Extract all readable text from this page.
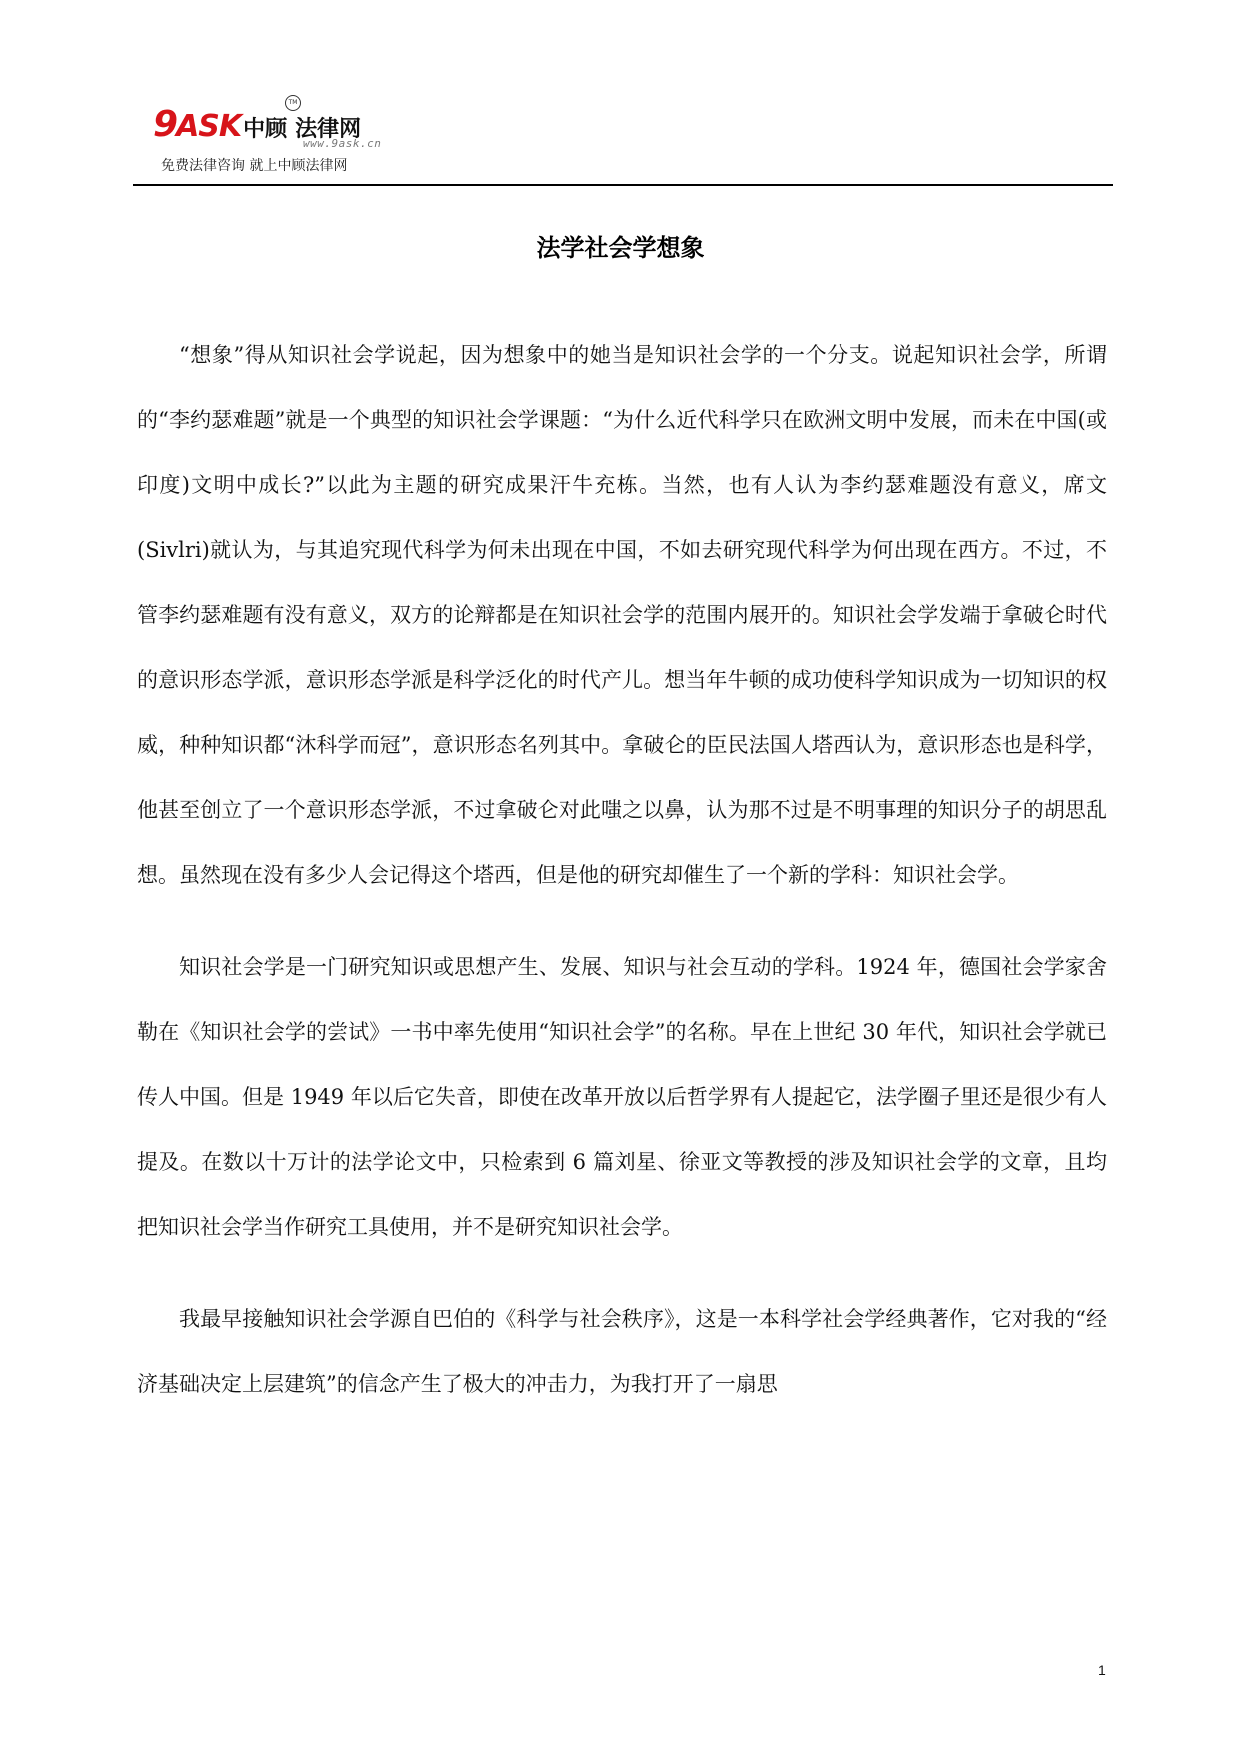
9ASK中顾 法律网
TM
www.9ask.cn
免费法律咨询 就上中顾法律网
法学社会学想象

“想象”得从知识社会学说起，因为想象中的她当是知识社会学的一个分支。说起知识社会学，所谓的“李约瑟难题”就是一个典型的知识社会学课题：“为什么近代科学只在欧洲文明中发展，而未在中国(或印度)文明中成长?”以此为主题的研究成果汗牛充栋。当然，也有人认为李约瑟难题没有意义，席文(Sivlri)就认为，与其追究现代科学为何未出现在中国，不如去研究现代科学为何出现在西方。不过，不管李约瑟难题有没有意义，双方的论辩都是在知识社会学的范围内展开的。知识社会学发端于拿破仑时代的意识形态学派，意识形态学派是科学泛化的时代产儿。想当年牛顿的成功使科学知识成为一切知识的权威，种种知识都“沐科学而冠”，意识形态名列其中。拿破仑的臣民法国人塔西认为，意识形态也是科学，他甚至创立了一个意识形态学派，不过拿破仑对此嗤之以鼻，认为那不过是不明事理的知识分子的胡思乱想。虽然现在没有多少人会记得这个塔西，但是他的研究却催生了一个新的学科：知识社会学。

知识社会学是一门研究知识或思想产生、发展、知识与社会互动的学科。1924 年，德国社会学家舍勒在《知识社会学的尝试》一书中率先使用“知识社会学”的名称。早在上世纪 30 年代，知识社会学就已传人中国。但是 1949 年以后它失音，即使在改革开放以后哲学界有人提起它，法学圈子里还是很少有人提及。在数以十万计的法学论文中，只检索到 6 篇刘星、徐亚文等教授的涉及知识社会学的文章，且均把知识社会学当作研究工具使用，并不是研究知识社会学。

我最早接触知识社会学源自巴伯的《科学与社会秩序》，这是一本科学社会学经典著作，它对我的“经济基础决定上层建筑”的信念产生了极大的冲击力，为我打开了一扇思

1
